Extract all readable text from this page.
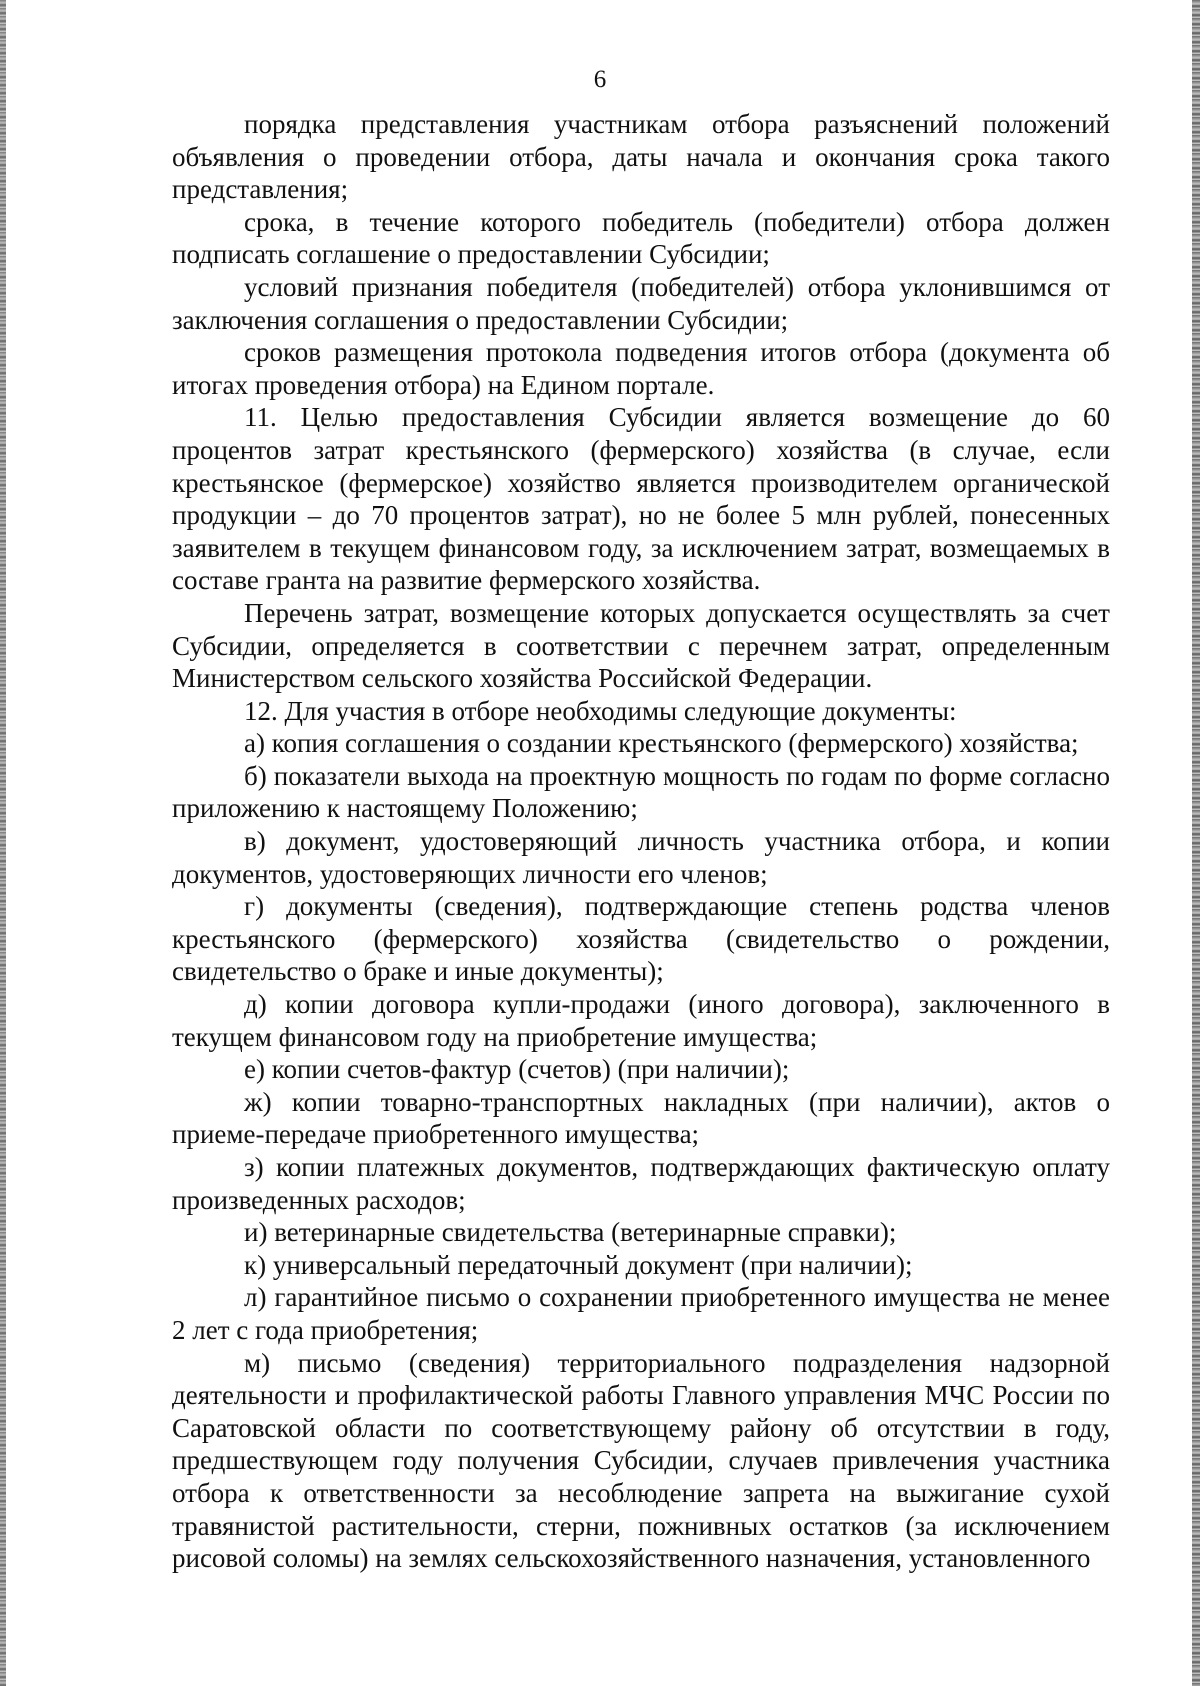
6

порядка представления участникам отбора разъяснений положений объявления о проведении отбора, даты начала и окончания срока такого представления;

срока, в течение которого победитель (победители) отбора должен подписать соглашение о предоставлении Субсидии;

условий признания победителя (победителей) отбора уклонившимся от заключения соглашения о предоставлении Субсидии;

сроков размещения протокола подведения итогов отбора (документа об итогах проведения отбора) на Едином портале.

11. Целью предоставления Субсидии является возмещение до 60 процентов затрат крестьянского (фермерского) хозяйства (в случае, если крестьянское (фермерское) хозяйство является производителем органической продукции – до 70 процентов затрат), но не более 5 млн рублей, понесенных заявителем в текущем финансовом году, за исключением затрат, возмещаемых в составе гранта на развитие фермерского хозяйства.

Перечень затрат, возмещение которых допускается осуществлять за счет Субсидии, определяется в соответствии с перечнем затрат, определенным Министерством сельского хозяйства Российской Федерации.

12. Для участия в отборе необходимы следующие документы:

а) копия соглашения о создании крестьянского (фермерского) хозяйства;

б) показатели выхода на проектную мощность по годам по форме согласно приложению к настоящему Положению;

в) документ, удостоверяющий личность участника отбора, и копии документов, удостоверяющих личности его членов;

г) документы (сведения), подтверждающие степень родства членов крестьянского (фермерского) хозяйства (свидетельство о рождении, свидетельство о браке и иные документы);

д) копии договора купли-продажи (иного договора), заключенного в текущем финансовом году на приобретение имущества;

е) копии счетов-фактур (счетов) (при наличии);

ж) копии товарно-транспортных накладных (при наличии), актов о приеме-передаче приобретенного имущества;

з) копии платежных документов, подтверждающих фактическую оплату произведенных расходов;

и) ветеринарные свидетельства (ветеринарные справки);

к) универсальный передаточный документ (при наличии);

л) гарантийное письмо о сохранении приобретенного имущества не менее 2 лет с года приобретения;

м) письмо (сведения) территориального подразделения надзорной деятельности и профилактической работы Главного управления МЧС России по Саратовской области по соответствующему району об отсутствии в году, предшествующем году получения Субсидии, случаев привлечения участника отбора к ответственности за несоблюдение запрета на выжигание сухой травянистой растительности, стерни, пожнивных остатков (за исключением рисовой соломы) на землях сельскохозяйственного назначения, установленного
